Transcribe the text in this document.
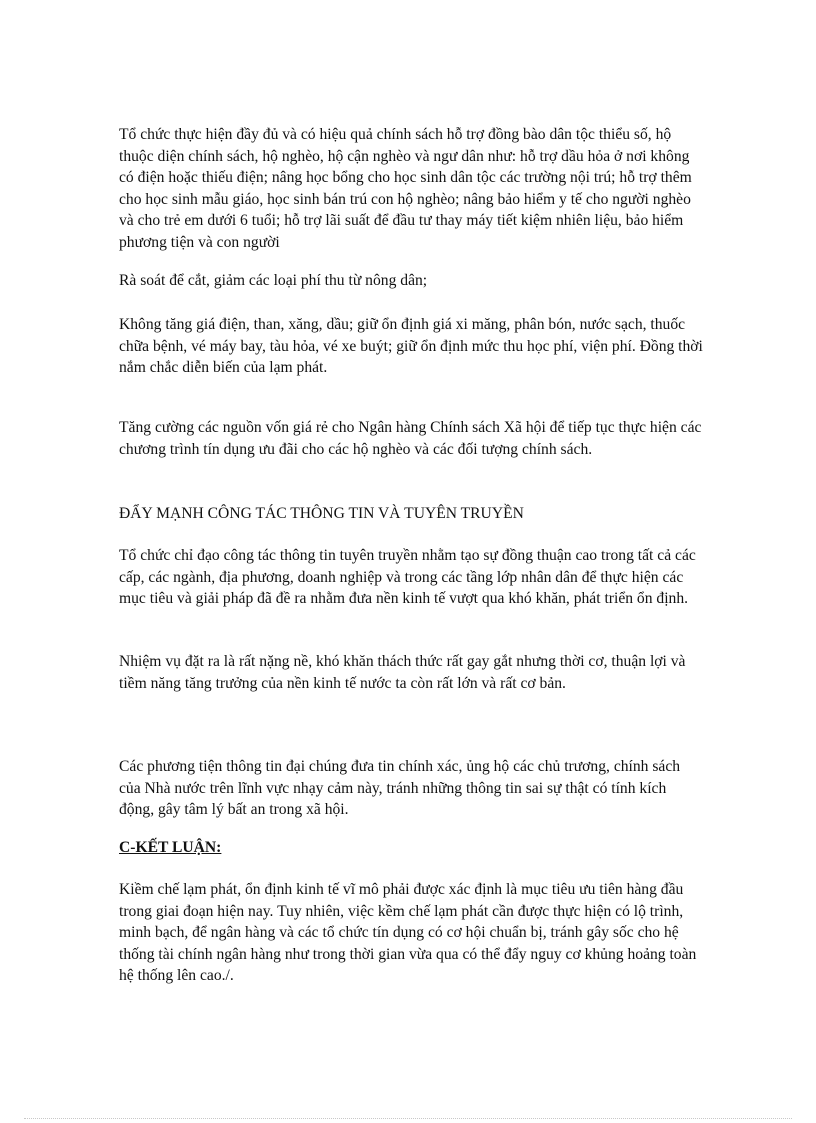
Tổ chức thực hiện đầy đủ và có hiệu quả chính sách hỗ trợ đồng bào dân tộc thiểu số, hộ thuộc diện chính sách, hộ nghèo, hộ cận nghèo và ngư dân như: hỗ trợ dầu hỏa ở nơi không có điện hoặc thiếu điện; nâng học bổng cho học sinh dân tộc các trường nội trú; hỗ trợ thêm cho học sinh mẫu giáo, học sinh bán trú con hộ nghèo; nâng bảo hiểm y tế cho người nghèo và cho trẻ em dưới 6 tuổi; hỗ trợ lãi suất để đầu tư thay máy tiết kiệm nhiên liệu, bảo hiểm phương tiện và con người

Rà soát để cắt, giảm các loại phí thu từ nông dân;

Không tăng giá điện, than, xăng, dầu; giữ ổn định giá xi măng, phân bón, nước sạch, thuốc chữa bệnh, vé máy bay, tàu hỏa, vé xe buýt; giữ ổn định mức thu học phí, viện phí. Đồng thời nắm chắc diễn biến của lạm phát.

Tăng cường các nguồn vốn giá rẻ cho Ngân hàng Chính sách Xã hội để tiếp tục thực hiện các chương trình tín dụng ưu đãi cho các hộ nghèo và các đối tượng chính sách.

ĐẨY MẠNH CÔNG TÁC THÔNG TIN VÀ TUYÊN TRUYỀN

Tổ chức chỉ đạo công tác thông tin tuyên truyền nhằm tạo sự đồng thuận cao trong tất cả các cấp, các ngành, địa phương, doanh nghiệp và trong các tầng lớp nhân dân để thực hiện các mục tiêu và giải pháp đã đề ra nhằm đưa nền kinh tế vượt qua khó khăn, phát triển ổn định.

Nhiệm vụ đặt ra là rất nặng nề, khó khăn thách thức rất gay gắt nhưng thời cơ, thuận lợi và tiềm năng tăng trưởng của nền kinh tế nước ta còn rất lớn và rất cơ bản.

Các phương tiện thông tin đại chúng đưa tin chính xác, ủng hộ các chủ trương, chính sách của Nhà nước trên lĩnh vực nhạy cảm này, tránh những thông tin sai sự thật có tính kích động, gây tâm lý bất an trong xã hội.

C-KẾT LUẬN:

Kiềm chế lạm phát, ổn định kinh tế vĩ mô phải được xác định là mục tiêu ưu tiên hàng đầu trong giai đoạn hiện nay. Tuy nhiên, việc kềm chế lạm phát cần được thực hiện có lộ trình, minh bạch, để ngân hàng và các tổ chức tín dụng có cơ hội chuẩn bị, tránh gây sốc cho hệ thống tài chính ngân hàng như trong thời gian vừa qua có thể đẩy nguy cơ khủng hoảng toàn hệ thống lên cao./.
